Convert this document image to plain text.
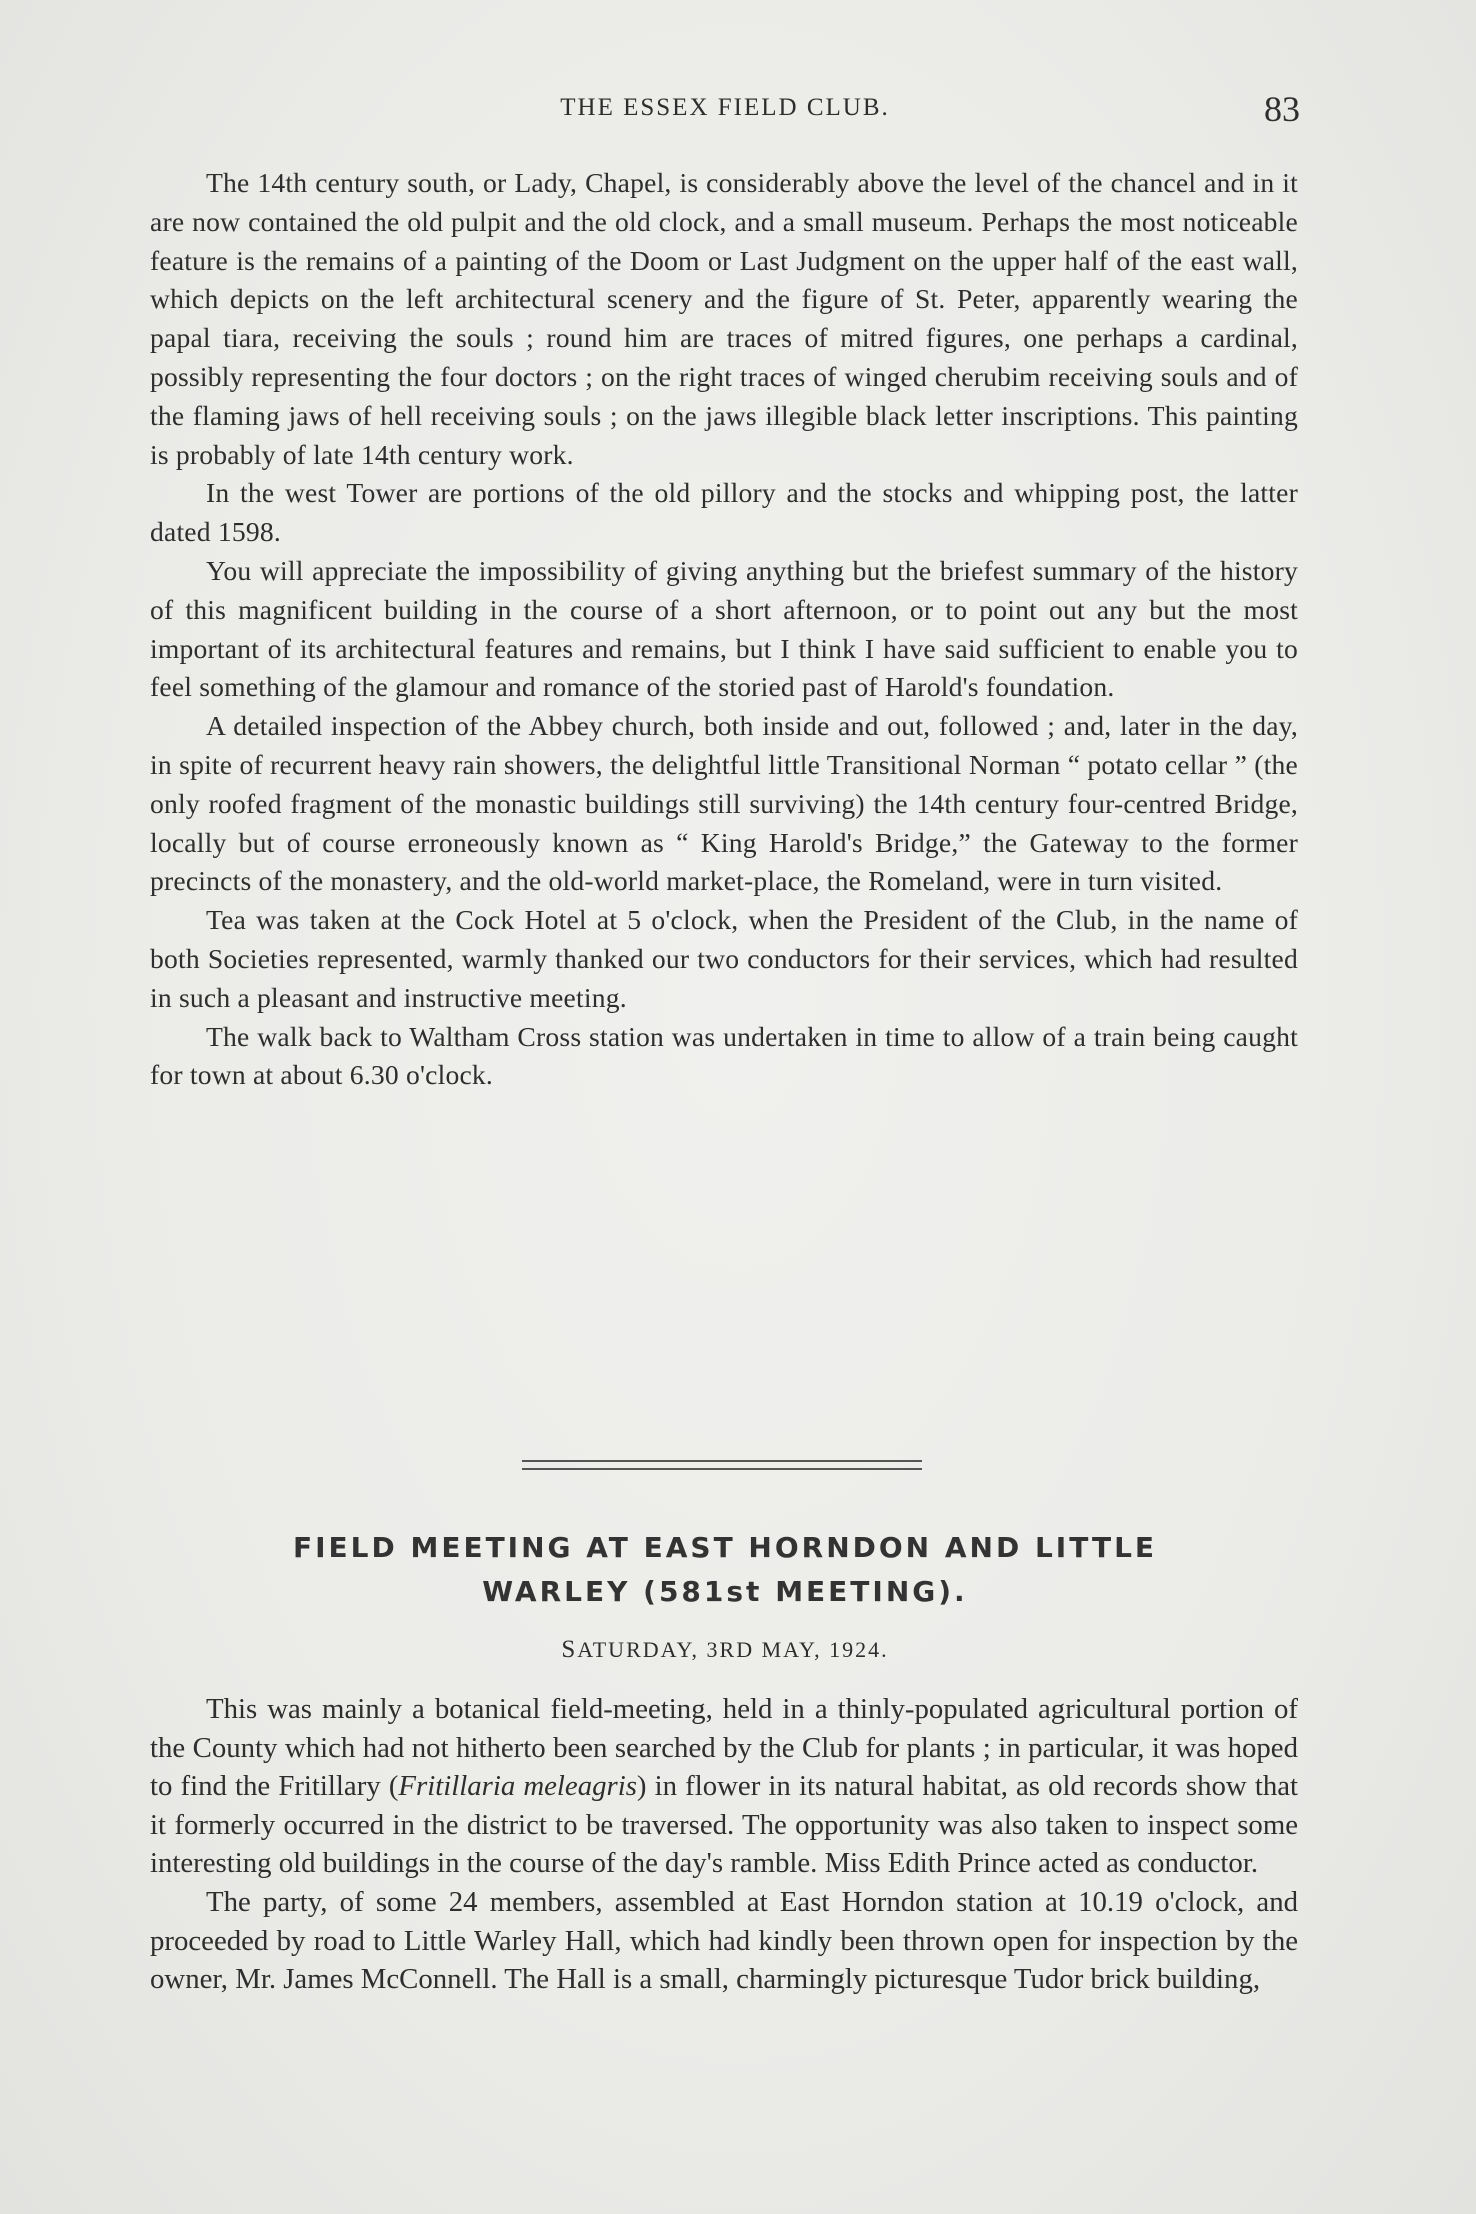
THE ESSEX FIELD CLUB.	83

The 14th century south, or Lady, Chapel, is considerably above the level of the chancel and in it are now contained the old pulpit and the old clock, and a small museum. Perhaps the most noticeable feature is the remains of a painting of the Doom or Last Judgment on the upper half of the east wall, which depicts on the left architectural scenery and the figure of St. Peter, apparently wearing the papal tiara, receiving the souls ; round him are traces of mitred figures, one perhaps a cardinal, possibly representing the four doctors ; on the right traces of winged cherubim receiving souls and of the flaming jaws of hell receiving souls ; on the jaws illegible black letter inscriptions. This painting is probably of late 14th century work.

In the west Tower are portions of the old pillory and the stocks and whipping post, the latter dated 1598.

You will appreciate the impossibility of giving anything but the briefest summary of the history of this magnificent building in the course of a short afternoon, or to point out any but the most important of its architectural features and remains, but I think I have said sufficient to enable you to feel something of the glamour and romance of the storied past of Harold's foundation.

A detailed inspection of the Abbey church, both inside and out, followed ; and, later in the day, in spite of recurrent heavy rain showers, the delightful little Transitional Norman “ potato cellar ” (the only roofed fragment of the monastic buildings still surviving) the 14th century four-centred Bridge, locally but of course erroneously known as “ King Harold's Bridge,” the Gateway to the former precincts of the monastery, and the old-world market-place, the Romeland, were in turn visited.

Tea was taken at the Cock Hotel at 5 o'clock, when the President of the Club, in the name of both Societies represented, warmly thanked our two conductors for their services, which had resulted in such a pleasant and instructive meeting.

The walk back to Waltham Cross station was undertaken in time to allow of a train being caught for town at about 6.30 o'clock.

FIELD MEETING AT EAST HORNDON AND LITTLE
WARLEY (581st MEETING).
SATURDAY, 3RD MAY, 1924.

This was mainly a botanical field-meeting, held in a thinly-populated agricultural portion of the County which had not hitherto been searched by the Club for plants ; in particular, it was hoped to find the Fritillary (Fritillaria meleagris) in flower in its natural habitat, as old records show that it formerly occurred in the district to be traversed. The opportunity was also taken to inspect some interesting old buildings in the course of the day's ramble. Miss Edith Prince acted as conductor.

The party, of some 24 members, assembled at East Horndon station at 10.19 o'clock, and proceeded by road to Little Warley Hall, which had kindly been thrown open for inspection by the owner, Mr. James McConnell. The Hall is a small, charmingly picturesque Tudor brick building,
